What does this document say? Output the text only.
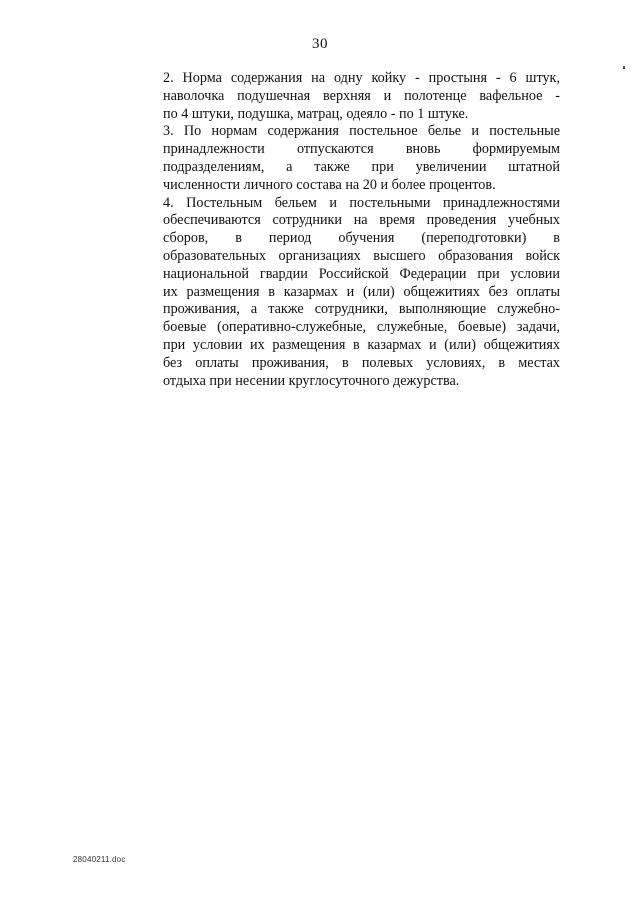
30
2. Норма содержания на одну койку - простыня - 6 штук,
наволочка подушечная верхняя и полотенце вафельное -
по 4 штуки, подушка, матрац, одеяло - по 1 штуке.
3. По нормам содержания постельное белье и постельные
принадлежности отпускаются вновь формируемым
подразделениям, а также при увеличении штатной
численности личного состава на 20 и более процентов.
4. Постельным бельем и постельными принадлежностями
обеспечиваются сотрудники на время проведения учебных
сборов, в период обучения (переподготовки) в
образовательных организациях высшего образования войск
национальной гвардии Российской Федерации при условии
их размещения в казармах и (или) общежитиях без оплаты
проживания, а также сотрудники, выполняющие служебно-
боевые (оперативно-служебные, служебные, боевые) задачи,
при условии их размещения в казармах и (или) общежитиях
без оплаты проживания, в полевых условиях, в местах
отдыха при несении круглосуточного дежурства.
28040211.doc
